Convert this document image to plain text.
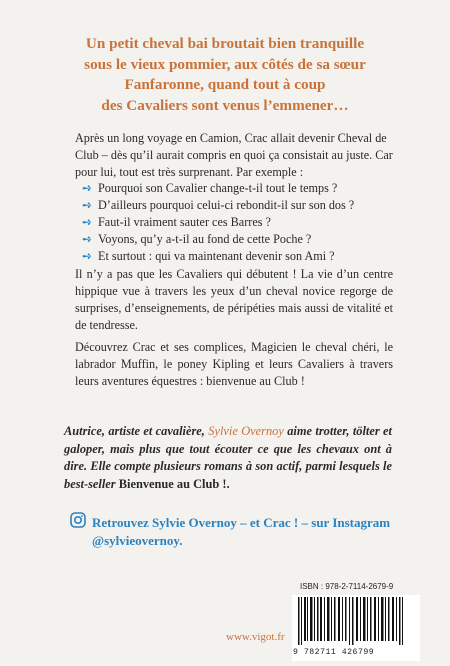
Un petit cheval bai broutait bien tranquille
sous le vieux pommier, aux côtés de sa sœur
Fanfaronne, quand tout à coup
des Cavaliers sont venus l’emmener…
Après un long voyage en Camion, Crac allait devenir Cheval de Club – dès qu’il aurait compris en quoi ça consistait au juste. Car pour lui, tout est très surprenant. Par exemple :
➺ Pourquoi son Cavalier change-t-il tout le temps ?
➺ D’ailleurs pourquoi celui-ci rebondit-il sur son dos ?
➺ Faut-il vraiment sauter ces Barres ?
➺ Voyons, qu’y a-t-il au fond de cette Poche ?
➺ Et surtout : qui va maintenant devenir son Ami ?
Il n’y a pas que les Cavaliers qui débutent ! La vie d’un centre hippique vue à travers les yeux d’un cheval novice regorge de surprises, d’enseignements, de péripéties mais aussi de vitalité et de tendresse.
Découvrez Crac et ses complices, Magicien le cheval chéri, le labrador Muffin, le poney Kipling et leurs Cavaliers à travers leurs aventures équestres : bienvenue au Club !
Autrice, artiste et cavalière, Sylvie Overnoy aime trotter, tölter et galoper, mais plus que tout écouter ce que les chevaux ont à dire. Elle compte plusieurs romans à son actif, parmi lesquels le best-seller Bienvenue au Club !.
Retrouvez Sylvie Overnoy – et Crac ! – sur Instagram
@sylvieovernoy.
ISBN : 978-2-7114-2679-9
9 782711 426799
www.vigot.fr
